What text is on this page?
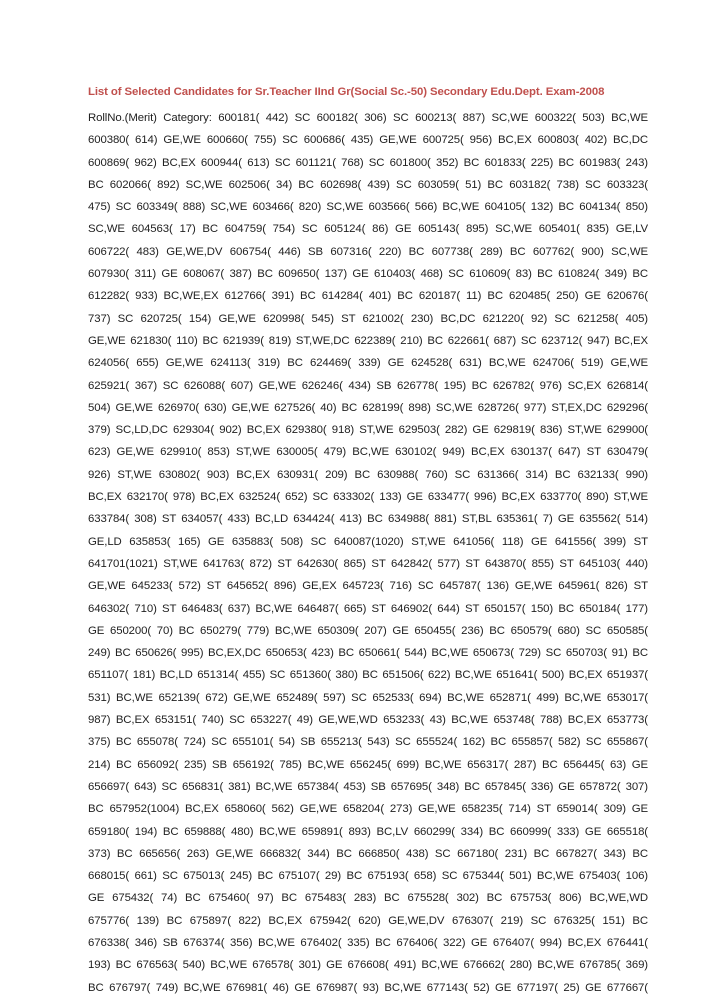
List of Selected Candidates for Sr.Teacher IInd Gr(Social Sc.-50) Secondary Edu.Dept. Exam-2008
RollNo.(Merit) Category: 600181( 442) SC 600182( 306) SC 600213( 887) SC,WE 600322( 503) BC,WE
600380( 614) GE,WE 600660( 755) SC 600686( 435) GE,WE 600725( 956) BC,EX 600803( 402) BC,DC
600869( 962) BC,EX 600944( 613) SC 601121( 768) SC 601800( 352) BC 601833( 225) BC 601983( 243)
BC 602066( 892) SC,WE 602506( 34) BC 602698( 439) SC 603059( 51) BC 603182( 738) SC 603323(
475) SC 603349( 888) SC,WE 603466( 820) SC,WE 603566( 566) BC,WE 604105( 132) BC 604134( 850)
SC,WE 604563( 17) BC 604759( 754) SC 605124( 86) GE 605143( 895) SC,WE 605401( 835) GE,LV
606722( 483) GE,WE,DV 606754( 446) SB 607316( 220) BC 607738( 289) BC 607762( 900) SC,WE
607930( 311) GE 608067( 387) BC 609650( 137) GE 610403( 468) SC 610609( 83) BC 610824( 349) BC
612282( 933) BC,WE,EX 612766( 391) BC 614284( 401) BC 620187( 11) BC 620485( 250) GE 620676(
737) SC 620725( 154) GE,WE 620998( 545) ST 621002( 230) BC,DC 621220( 92) SC 621258( 405)
GE,WE 621830( 110) BC 621939( 819) ST,WE,DC 622389( 210) BC 622661( 687) SC 623712( 947) BC,EX
624056( 655) GE,WE 624113( 319) BC 624469( 339) GE 624528( 631) BC,WE 624706( 519) GE,WE
625921( 367) SC 626088( 607) GE,WE 626246( 434) SB 626778( 195) BC 626782( 976) SC,EX 626814(
504) GE,WE 626970( 630) GE,WE 627526( 40) BC 628199( 898) SC,WE 628726( 977) ST,EX,DC 629296(
379) SC,LD,DC 629304( 902) BC,EX 629380( 918) ST,WE 629503( 282) GE 629819( 836) ST,WE 629900(
623) GE,WE 629910( 853) ST,WE 630005( 479) BC,WE 630102( 949) BC,EX 630137( 647) ST 630479(
926) ST,WE 630802( 903) BC,EX 630931( 209) BC 630988( 760) SC 631366( 314) BC 632133( 990)
BC,EX 632170( 978) BC,EX 632524( 652) SC 633302( 133) GE 633477( 996) BC,EX 633770( 890) ST,WE
633784( 308) ST 634057( 433) BC,LD 634424( 413) BC 634988( 881) ST,BL 635361( 7) GE 635562( 514)
GE,LD 635853( 165) GE 635883( 508) SC 640087(1020) ST,WE 641056( 118) GE 641556( 399) ST
641701(1021) ST,WE 641763( 872) ST 642630( 865) ST 642842( 577) ST 643870( 855) ST 645103( 440)
GE,WE 645233( 572) ST 645652( 896) GE,EX 645723( 716) SC 645787( 136) GE,WE 645961( 826) ST
646302( 710) ST 646483( 637) BC,WE 646487( 665) ST 646902( 644) ST 650157( 150) BC 650184( 177)
GE 650200( 70) BC 650279( 779) BC,WE 650309( 207) GE 650455( 236) BC 650579( 680) SC 650585(
249) BC 650626( 995) BC,EX,DC 650653( 423) BC 650661( 544) BC,WE 650673( 729) SC 650703( 91) BC
651107( 181) BC,LD 651314( 455) SC 651360( 380) BC 651506( 622) BC,WE 651641( 500) BC,EX 651937(
531) BC,WE 652139( 672) GE,WE 652489( 597) SC 652533( 694) BC,WE 652871( 499) BC,WE 653017(
987) BC,EX 653151( 740) SC 653227( 49) GE,WE,WD 653233( 43) BC,WE 653748( 788) BC,EX 653773(
375) BC 655078( 724) SC 655101( 54) SB 655213( 543) SC 655524( 162) BC 655857( 582) SC 655867(
214) BC 656092( 235) SB 656192( 785) BC,WE 656245( 699) BC,WE 656317( 287) BC 656445( 63) GE
656697( 643) SC 656831( 381) BC,WE 657384( 453) SB 657695( 348) BC 657845( 336) GE 657872( 307)
BC 657952(1004) BC,EX 658060( 562) GE,WE 658204( 273) GE,WE 658235( 714) ST 659014( 309) GE
659180( 194) BC 659888( 480) BC,WE 659891( 893) BC,LV 660299( 334) BC 660999( 333) GE 665518(
373) BC 665656( 263) GE,WE 666832( 344) BC 666850( 438) SC 667180( 231) BC 667827( 343) BC
668015( 661) SC 675013( 245) BC 675107( 29) BC 675193( 658) SC 675344( 501) BC,WE 675403( 106)
GE 675432( 74) BC 675460( 97) BC 675483( 283) BC 675528( 302) BC 675753( 806) BC,WE,WD
675776( 139) BC 675897( 822) BC,EX 675942( 620) GE,WE,DV 676307( 219) SC 676325( 151) BC
676338( 346) SB 676374( 356) BC,WE 676402( 335) BC 676406( 322) GE 676407( 994) BC,EX 676441(
193) BC 676563( 540) BC,WE 676578( 301) GE 676608( 491) BC,WE 676662( 280) BC,WE 676785( 369)
BC 676797( 749) BC,WE 676981( 46) GE 676987( 93) BC,WE 677143( 52) GE 677197( 25) GE 677667(
